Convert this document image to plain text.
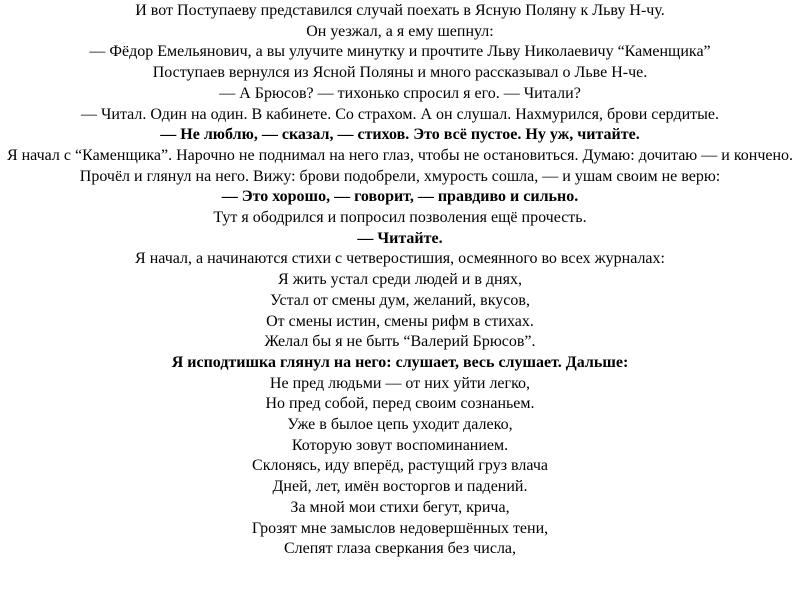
И вот Поступаеву представился случай поехать в Ясную Поляну к Льву Н-чу.
Он уезжал, а я ему шепнул:
— Фёдор Емельянович, а вы улучите минутку и прочтите Льву Николаевичу “Каменщика”
Поступаев вернулся из Ясной Поляны и много рассказывал о Льве Н-че.
— А Брюсов? — тихонько спросил я его. — Читали?
— Читал. Один на один. В кабинете. Со страхом. А он слушал. Нахмурился, брови сердитые.
— Не люблю, — сказал, — стихов. Это всё пустое. Ну уж, читайте.
Я начал с “Каменщика”. Нарочно не поднимал на него глаз, чтобы не остановиться. Думаю: дочитаю — и кончено. Прочёл и глянул на него. Вижу: брови подобрели, хмурость сошла, — и ушам своим не верю:
— Это хорошо, — говорит, — правдиво и сильно.
Тут я ободрился и попросил позволения ещё прочесть.
— Читайте.
Я начал, а начинаются стихи с четверостишия, осмеянного во всех журналах:
Я жить устал среди людей и в днях,
Устал от смены дум, желаний, вкусов,
От смены истин, смены рифм в стихах.
Желал бы я не быть “Валерий Брюсов”.
Я исподтишка глянул на него: слушает, весь слушает. Дальше:
Не пред людьми — от них уйти легко,
Но пред собой, перед своим сознаньем.
Уже в былое цепь уходит далеко,
Которую зовут воспоминанием.
Склонясь, иду вперёд, растущий груз влача
Дней, лет, имён восторгов и падений.
За мной мои стихи бегут, крича,
Грозят мне замыслов недовершённых тени,
Слепят глаза сверкания без числа,
